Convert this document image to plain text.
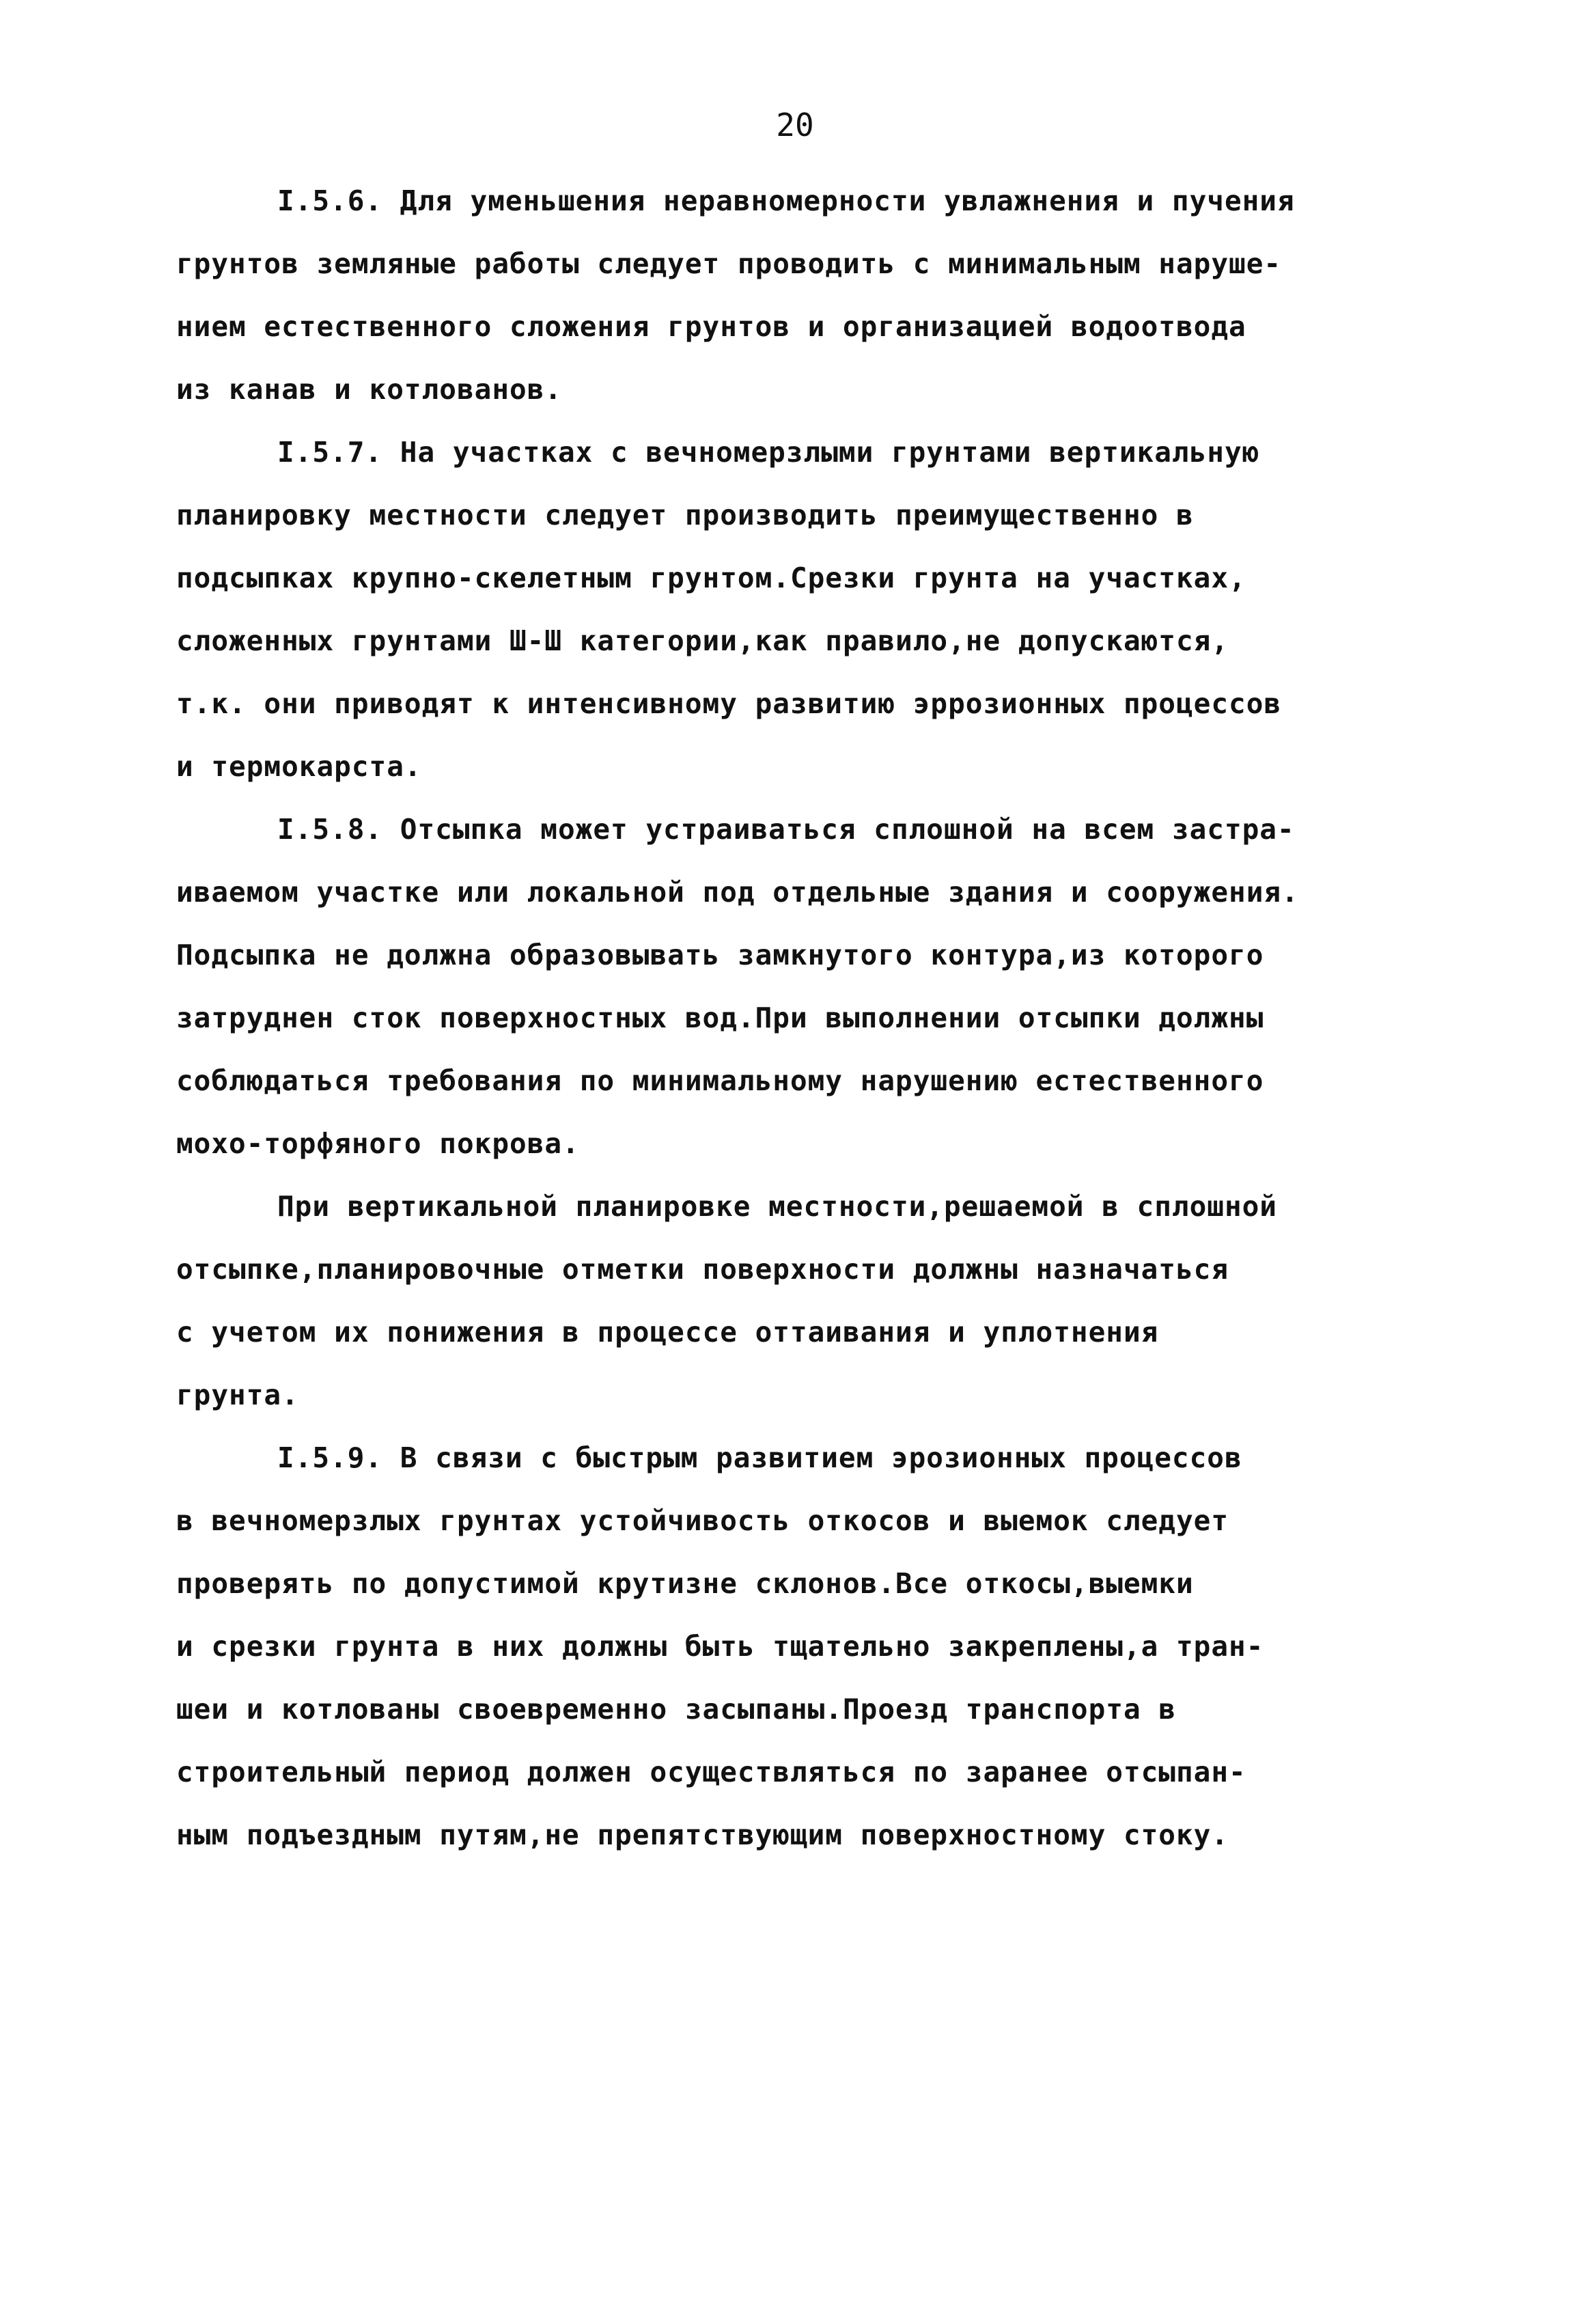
20
I.5.6. Для уменьшения неравномерности увлажнения и пучения
грунтов земляные работы следует проводить с минимальным наруше-
нием естественного сложения грунтов и организацией водоотвода
из канав и котлованов.
I.5.7. На участках с вечномерзлыми грунтами вертикальную
планировку местности следует производить преимущественно в
подсыпках крупно-скелетным грунтом.Срезки грунта на участках,
сложенных грунтами Ш-Ш категории,как правило,не допускаются,
т.к. они приводят к интенсивному развитию эррозионных процессов
и термокарста.
I.5.8. Отсыпка может устраиваться сплошной на всем застра-
иваемом участке или локальной под отдельные здания и сооружения.
Подсыпка не должна образовывать замкнутого контура,из которого
затруднен сток поверхностных вод.При выполнении отсыпки должны
соблюдаться требования по минимальному нарушению естественного
мохо-торфяного покрова.
При вертикальной планировке местности,решаемой в сплошной
отсыпке,планировочные отметки поверхности должны назначаться
с учетом их понижения в процессе оттаивания и уплотнения
грунта.
I.5.9. В связи с быстрым развитием эрозионных процессов
в вечномерзлых грунтах устойчивость откосов и выемок следует
проверять по допустимой крутизне склонов.Все откосы,выемки
и срезки грунта в них должны быть тщательно закреплены,а тран-
шеи и котлованы своевременно засыпаны.Проезд транспорта в
строительный период должен осуществляться по заранее отсыпан-
ным подъездным путям,не препятствующим поверхностному стоку.
